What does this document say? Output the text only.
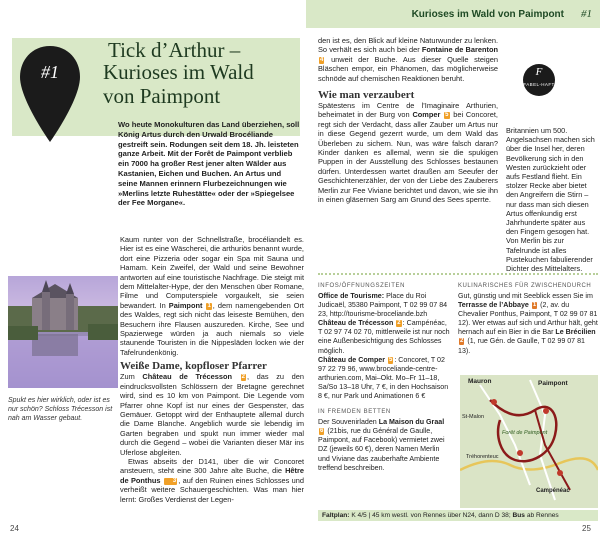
Kurioses im Wald von Paimpont #1
#1
Tick d’Arthur –
Kurioses im Wald
von Paimpont
Wo heute Monokulturen das Land überziehen, soll König Artus durch den Urwald Brocéliande gestreift sein. Rodungen seit dem 18. Jh. leisteten ganze Arbeit. Mit der Forêt de Paimpont verblieb ein 7000 ha großer Rest jener alten Wälder aus Kastanien, Eichen und Buchen. An Artus und seine Mannen erinnern Flurbezeichnungen wie »Merlins letzte Ruhestätte« oder der »Spiegelsee der Fee Morgane«.
Spukt es hier wirklich, oder ist es nur schön? Schloss Trécesson ist nah am Wasser gebaut.

Kaum runter von der Schnellstraße, brocéliandelt es. Hier ist es eine Wäscherei, die arthuriös benannt wurde, dort eine Pizzeria oder sogar ein Spa mit Sauna und Hamam. Kein Zweifel, der Wald und seine Bewohner antworten auf eine touristische Nachfrage. Die steigt mit dem Mittelalter-Hype, der den Menschen über Romane, Filme und Computerspiele vorgaukelt, sie seien bewandert. In Paimpont 1 , dem namengebenden Ort des Waldes, regt sich nicht das leiseste Bemühen, den Besuchern ihre Flausen auszureden. Kirche, See und Spazierwege würden ja auch niemals so viele staunende Touristen in die Nippesläden locken wie der Tafelrundenkönig.

Weiße Dame, kopfloser Pfarrer

Zum Château de Trécesson 2 , das zu den eindrucksvollsten Schlössern der Bretagne gerechnet wird, sind es 10 km von Paimpont. Die Legende vom Pfarrer ohne Kopf ist nur eines der Gespenster, das Gemäuer. Getoppt wird der Enthauptete allemal durch die Dame Blanche. Angeblich wurde sie lebendig im Garten begraben und spukt nun immer wieder mal durch die Gegend – wobei die Varianten dieser Mär ins Uferlose abgleiten.

Etwas abseits der D141, über die wir Concoret ansteuern, steht eine 300 Jahre alte Buche, die Hêtre de Ponthus 3 , auf den Ruinen eines Schlosses und verheißt weitere Schauergeschichten. Was man hier lernt: Großes Verdienst der Legen-

den ist es, den Blick auf kleine Naturwunder zu lenken. So verhält es sich auch bei der Fontaine de Barenton 4 unweit der Buche. Aus dieser Quelle steigen Bläschen empor, ein Phänomen, das möglicherweise schnöde auf chemischen Reaktionen beruht.

Wie man verzaubert

Spätestens im Centre de l’Imaginaire Arthurien, beheimatet in der Burg von Comper 5 bei Concoret, regt sich der Verdacht, dass aller Zauber um Artus nur in diese Gegend gezerrt wurde, um dem Wald das Überleben zu sichern. Nun, was wäre falsch daran? Kinder danken es allemal, wenn sie die spukigen Puppen in der Ausstellung des Schlosses bestaunen dürfen. Unterdessen wartet draußen am Seeufer der Geschichtenerzähler, der von der Liebe des Zauberers Merlin zur Fee Viviane berichtet und davon, wie sie ihn in einen gläsernen Sarg am Grund des Sees sperrte.

F
FABEL-HAFT
Britannien um 500. Angelsachsen machen sich über die Insel her, deren Bevölkerung sich in den Westen zurückzieht oder aufs Festland flieht. Ein stolzer Recke aber bietet den Angreifern die Stirn – nur dass man sich diesen Artus offenkundig erst Jahrhunderte später aus den Fingern gesogen hat. Von Merlin bis zur Tafelrunde ist alles Pustekuchen fabulierender Dichter des Mittelalters.
INFOS/ÖFFNUNGSZEITEN
Office de Tourisme: Place du Roi Judicaël, 35380 Paimpont, T 02 99 07 84 23, http://tourisme-broceliande.bzh
Château de Trécesson 2 : Campénéac, T 02 97 74 02 70, mittlerweile ist nur noch eine Außenbesichtigung des Schlosses möglich.
Château de Comper 5 : Concoret, T 02 97 22 79 96, www.broceliande-centre-arthurien.com, Mai–Okt. Mo–Fr 11–18, Sa/So 13–18 Uhr, 7 €, in den Hochsaison 8 €, nur Park und Animationen 6 €
IN FREMDEN BETTEN
Der Souvenirladen La Maison du Graal 6 (21bis, rue du Général de Gaulle, Paimpont, auf Facebook) vermietet zwei DZ (jeweils 60 €), deren Namen Merlin und Viviane das zauberhafte Ambiente treffend beschreiben.
KULINARISCHES FÜR ZWISCHENDURCH
Gut, günstig und mit Seeblick essen Sie im Terrasse de l’Abbaye 1 (2, av. du Chevalier Ponthus, Paimpont, T 02 99 07 81 12). Wer etwas auf sich und Arthur hält, geht hernach auf ein Bier in die Bar Le Brécilien 2 (1, rue Gén. de Gaulle, T 02 99 07 81 13).
Mauron	Paimpont
Forêt de Paimpont
Campénéac
Tréhorenteuc
St-Malon
Faltplan: K 4/5 | 45 km westl. von Rennes über N24, dann D 38; Bus ab Rennes
24	25
